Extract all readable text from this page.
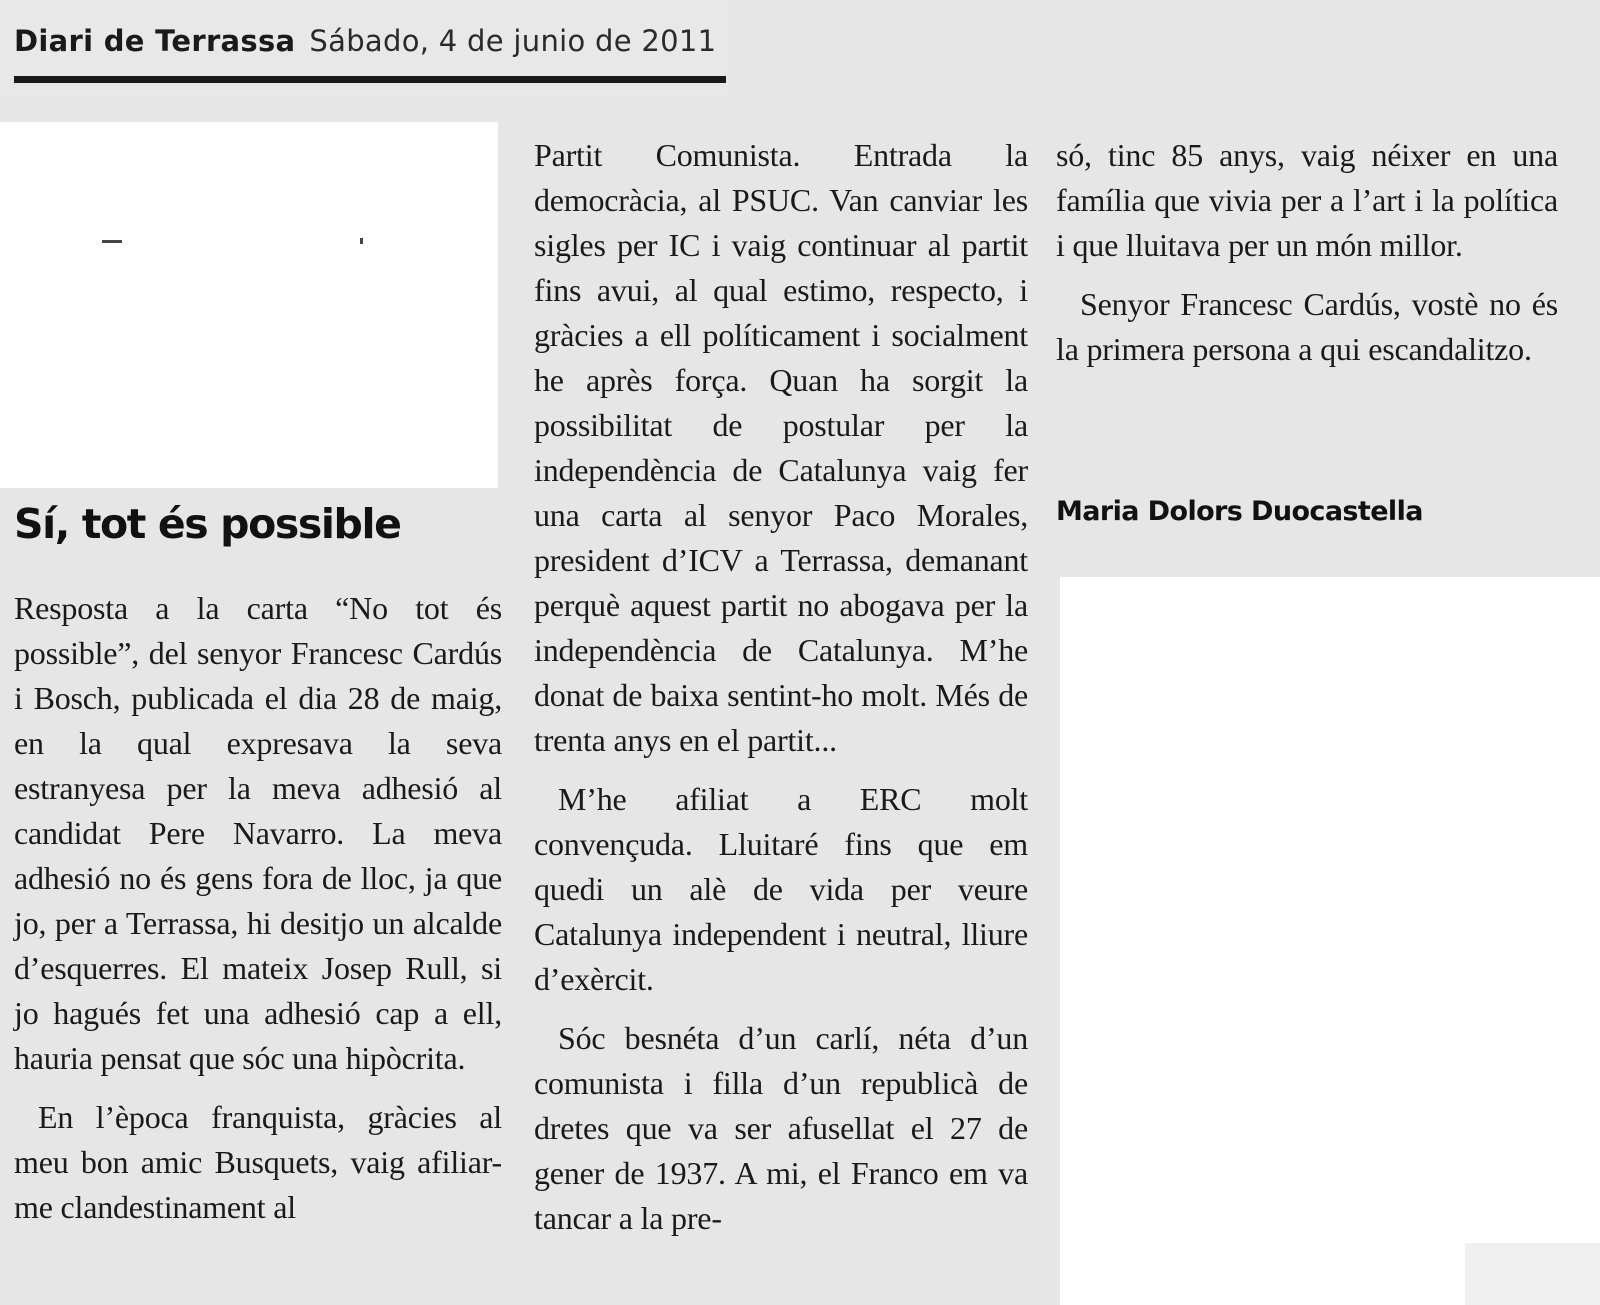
Diari de Terrassa Sábado, 4 de junio de 2011
Sí, tot és possible

Resposta a la carta “No tot és possible”, del senyor Francesc Cardús i Bosch, publicada el dia 28 de maig, en la qual expresava la seva estranyesa per la meva adhesió al candidat Pere Navarro. La meva adhesió no és gens fora de lloc, ja que jo, per a Terrassa, hi desitjo un alcalde d’esquerres. El mateix Josep Rull, si jo hagués fet una adhesió cap a ell, hauria pensat que sóc una hipòcrita.

En l’època franquista, gràcies al meu bon amic Busquets, vaig afiliar-me clandestinament al

Partit Comunista. Entrada la democràcia, al PSUC. Van canviar les sigles per IC i vaig continuar al partit fins avui, al qual estimo, respecto, i gràcies a ell políticament i socialment he après força. Quan ha sorgit la possibilitat de postular per la independència de Catalunya vaig fer una carta al senyor Paco Morales, president d’ICV a Terrassa, demanant perquè aquest partit no abogava per la independència de Catalunya. M’he donat de baixa sentint-ho molt. Més de trenta anys en el partit...

M’he afiliat a ERC molt convençuda. Lluitaré fins que em quedi un alè de vida per veure Catalunya independent i neutral, lliure d’exèrcit.

Sóc besnéta d’un carlí, néta d’un comunista i filla d’un republicà de dretes que va ser afusellat el 27 de gener de 1937. A mi, el Franco em va tancar a la pre-

só, tinc 85 anys, vaig néixer en una família que vivia per a l’art i la política i que lluitava per un món millor.

Senyor Francesc Cardús, vostè no és la primera persona a qui escandalitzo.

Maria Dolors Duocastella
